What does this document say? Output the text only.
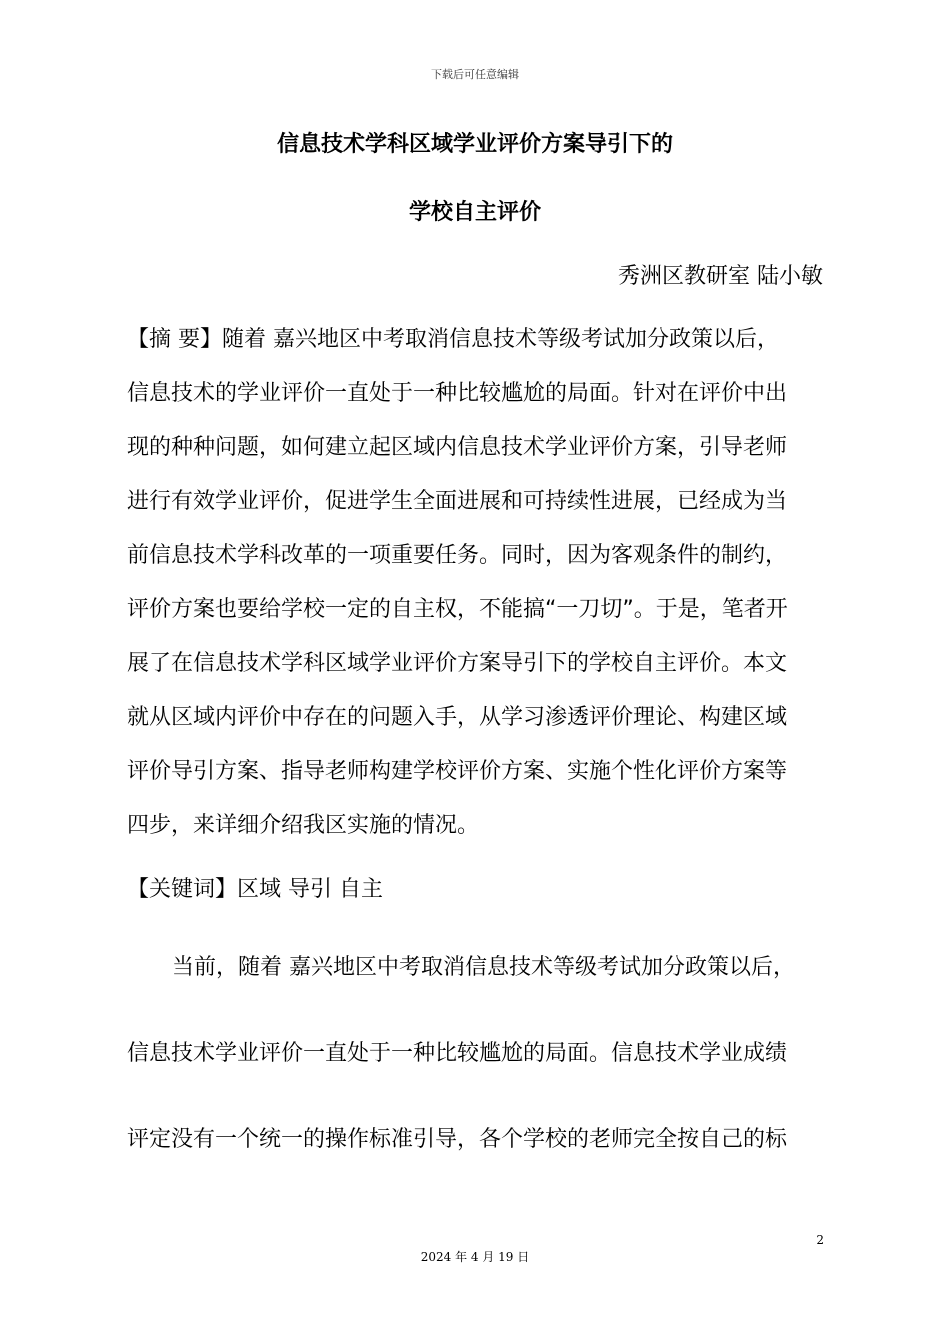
下载后可任意编辑
信息技术学科区域学业评价方案导引下的
学校自主评价
秀洲区教研室 陆小敏
【摘 要】随着 嘉兴地区中考取消信息技术等级考试加分政策以后，
信息技术的学业评价一直处于一种比较尴尬的局面。针对在评价中出
现的种种问题，如何建立起区域内信息技术学业评价方案，引导老师
进行有效学业评价，促进学生全面进展和可持续性进展，已经成为当
前信息技术学科改革的一项重要任务。同时，因为客观条件的制约，
评价方案也要给学校一定的自主权，不能搞“一刀切”。于是，笔者开
展了在信息技术学科区域学业评价方案导引下的学校自主评价。本文
就从区域内评价中存在的问题入手，从学习渗透评价理论、构建区域
评价导引方案、指导老师构建学校评价方案、实施个性化评价方案等
四步，来详细介绍我区实施的情况。
【关键词】区域 导引 自主
当前，随着 嘉兴地区中考取消信息技术等级考试加分政策以后，
信息技术学业评价一直处于一种比较尴尬的局面。信息技术学业成绩
评定没有一个统一的操作标准引导，各个学校的老师完全按自己的标
2
2024 年 4 月 19 日
